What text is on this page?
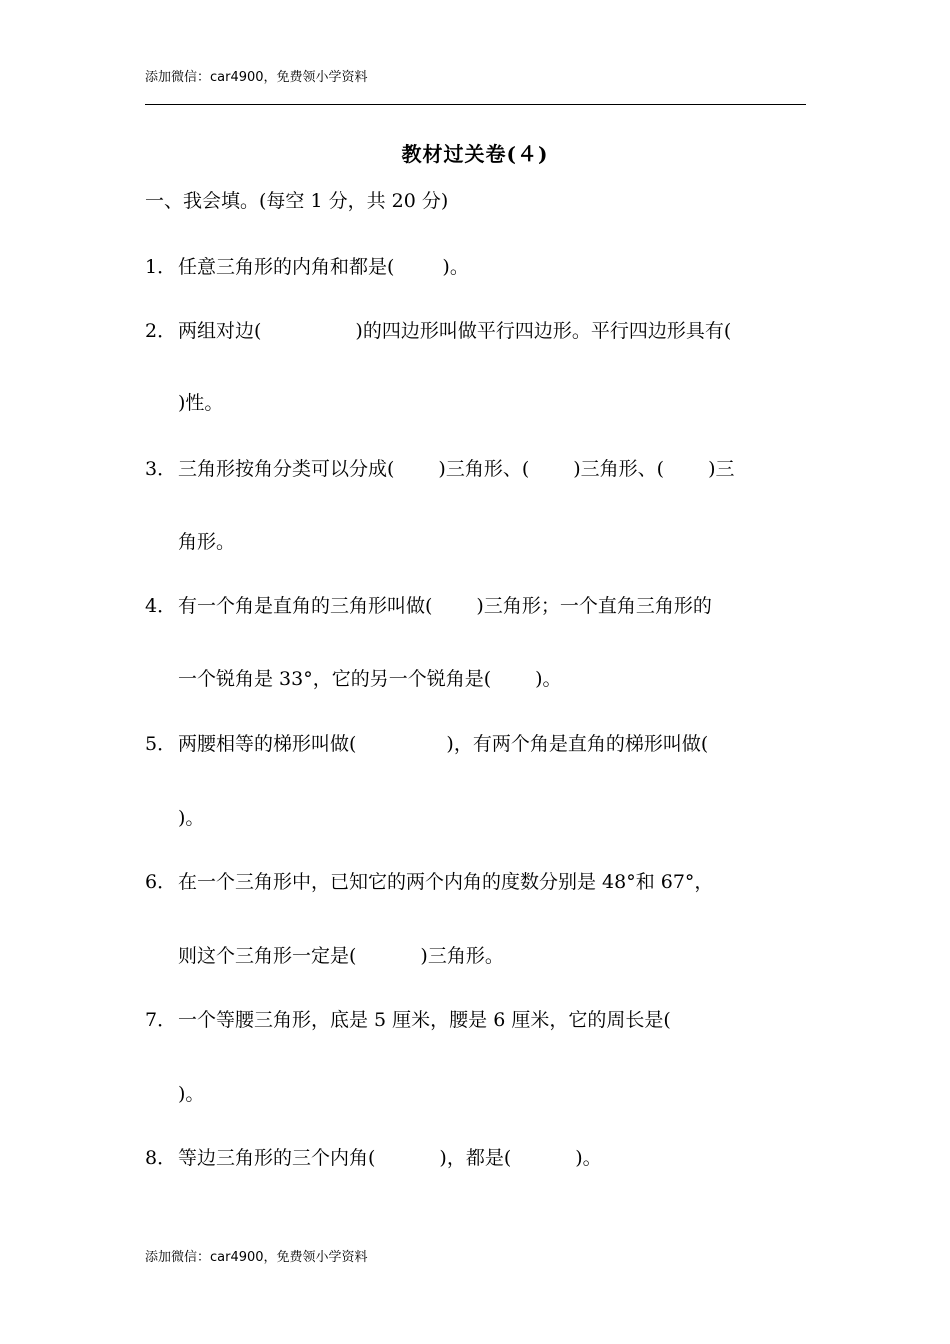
添加微信：car4900，免费领小学资料
教材过关卷(４)
一、我会填。(每空 1 分，共 20 分)
1． 任意三角形的内角和都是(	)。
2． 两组对边(	)的四边形叫做平行四边形。平行四边形具有(
)性。
3． 三角形按角分类可以分成( )三角形、( )三角形、( )三
角形。
4． 有一个角是直角的三角形叫做( )三角形；一个直角三角形的
一个锐角是 33°，它的另一个锐角是( )。
5． 两腰相等的梯形叫做(	)，有两个角是直角的梯形叫做(
)。
6． 在一个三角形中，已知它的两个内角的度数分别是 48°和 67°，
则这个三角形一定是(	)三角形。
7． 一个等腰三角形，底是 5 厘米，腰是 6 厘米，它的周长是(
)。
8． 等边三角形的三个内角(	)，都是(	)。
添加微信：car4900，免费领小学资料
